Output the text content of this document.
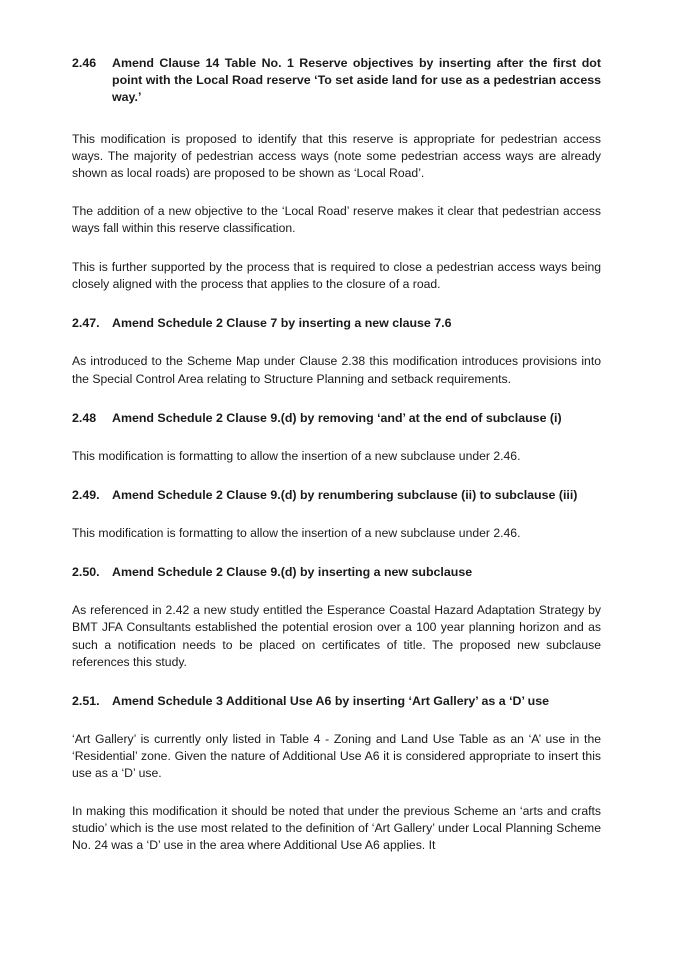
2.46	Amend Clause 14 Table No. 1 Reserve objectives by inserting after the first dot point with the Local Road reserve ‘To set aside land for use as a pedestrian access way.’

This modification is proposed to identify that this reserve is appropriate for pedestrian access ways. The majority of pedestrian access ways (note some pedestrian access ways are already shown as local roads) are proposed to be shown as ‘Local Road’.

The addition of a new objective to the ‘Local Road’ reserve makes it clear that pedestrian access ways fall within this reserve classification.

This is further supported by the process that is required to close a pedestrian access ways being closely aligned with the process that applies to the closure of a road.

2.47.	Amend Schedule 2 Clause 7 by inserting a new clause 7.6

As introduced to the Scheme Map under Clause 2.38 this modification introduces provisions into the Special Control Area relating to Structure Planning and setback requirements.

2.48	Amend Schedule 2 Clause 9.(d) by removing ‘and’ at the end of subclause (i)

This modification is formatting to allow the insertion of a new subclause under 2.46.

2.49.	Amend Schedule 2 Clause 9.(d) by renumbering subclause (ii) to subclause (iii)

This modification is formatting to allow the insertion of a new subclause under 2.46.

2.50.	Amend Schedule 2 Clause 9.(d) by inserting a new subclause

As referenced in 2.42 a new study entitled the Esperance Coastal Hazard Adaptation Strategy by BMT JFA Consultants established the potential erosion over a 100 year planning horizon and as such a notification needs to be placed on certificates of title. The proposed new subclause references this study.

2.51.	Amend Schedule 3 Additional Use A6 by inserting ‘Art Gallery’ as a ‘D’ use

‘Art Gallery’ is currently only listed in Table 4 - Zoning and Land Use Table as an ‘A’ use in the ‘Residential’ zone. Given the nature of Additional Use A6 it is considered appropriate to insert this use as a ‘D’ use.

In making this modification it should be noted that under the previous Scheme an ‘arts and crafts studio’ which is the use most related to the definition of ‘Art Gallery’ under Local Planning Scheme No. 24 was a ‘D’ use in the area where Additional Use A6 applies. It
